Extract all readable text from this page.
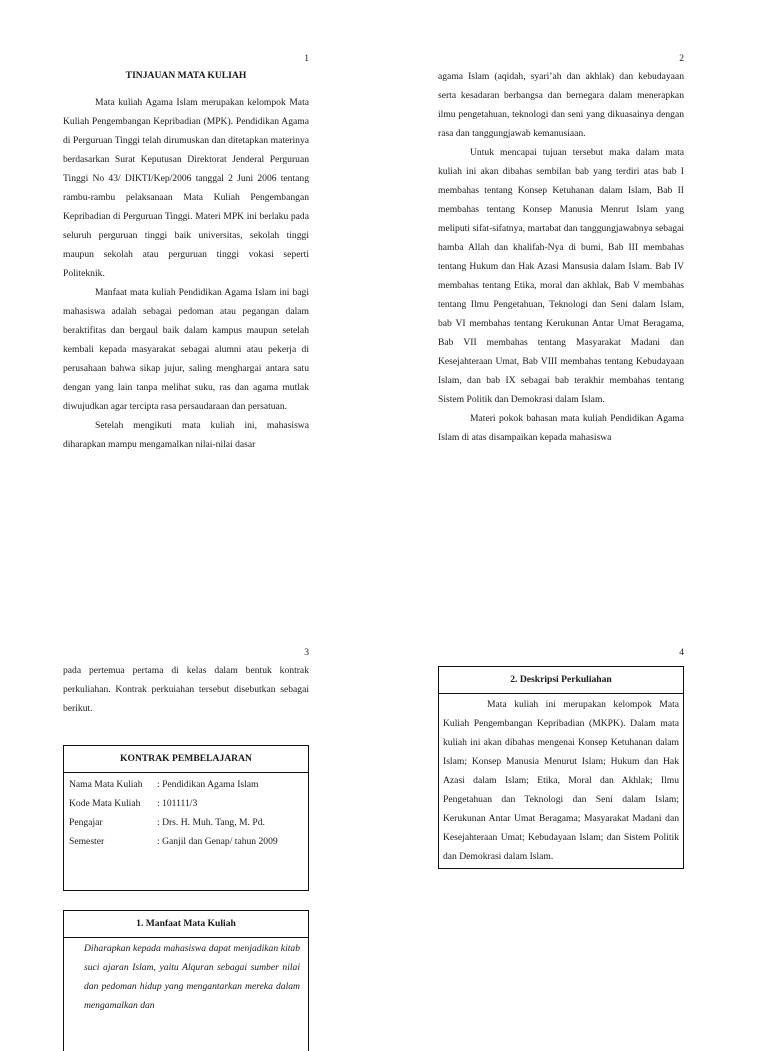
1
TINJAUAN MATA KULIAH

Mata kuliah Agama Islam merupakan kelompok Mata Kuliah Pengembangan Kepribadian (MPK). Pendidikan Agama di Perguruan Tinggi telah dirumuskan dan ditetapkan materinya berdasarkan Surat Keputusan Direktorat Jenderal Perguruan Tinggi No 43/ DIKTI/Kep/2006 tanggal 2 Juni 2006 tentang rambu-rambu pelaksanaan Mata Kuliah Pengembangan Kepribadian di Perguruan Tinggi. Materi MPK ini berlaku pada seluruh perguruan tinggi baik universitas, sekolah tinggi maupun sekolah atau perguruan tinggi vokasi seperti Politeknik.

Manfaat mata kuliah Pendidikan Agama Islam ini bagi mahasiswa adalah sebagai pedoman atau pegangan dalam beraktifitas dan bergaul baik dalam kampus maupun setelah kembali kepada masyarakat sebagai alumni atau pekerja di perusahaan bahwa sikap jujur, saling menghargai antara satu dengan yang lain tanpa melihat suku, ras dan agama mutlak diwujudkan agar tercipta rasa persaudaraan dan persatuan.

Setelah mengikuti mata kuliah ini, mahasiswa diharapkan mampu mengamalkan nilai-nilai dasar

2

agama Islam (aqidah, syari’ah dan akhlak) dan kebudayaan serta kesadaran berbangsa dan bernegara dalam menerapkan ilmu pengetahuan, teknologi dan seni yang dikuasainya dengan rasa dan tanggungjawab kemanusiaan.

Untuk mencapai tujuan tersebut maka dalam mata kuliah ini akan dibahas sembilan bab yang terdiri atas bab I membahas tentang Konsep Ketuhanan dalam Islam, Bab II membahas tentang Konsep Manusia Menrut Islam yang meliputi sifat-sifatnya, martabat dan tanggungjawabnya sebagai hamba Allah dan khalifah-Nya di bumi, Bab III membahas tentang Hukum dan Hak Azasi Mansusia dalam Islam. Bab IV membahas tentang Etika, moral dan akhlak, Bab V membahas tentang Ilmu Pengetahuan, Teknologi dan Seni dalam Islam, bab VI membahas tentang Kerukunan Antar Umat Beragama, Bab VII membahas tentang Masyarakat Madani dan Kesejahteraan Umat, Bab VIII membahas tentang Kebudayaan Islam, dan bab IX sebagai bab terakhir membahas tentang Sistem Politik dan Demokrasi dalam Islam.

Materi pokok bahasan mata kuliah Pendidikan Agama Islam di atas disampaikan kepada mahasiswa

3

pada pertemua pertama di kelas dalam bentuk kontrak perkuliahan. Kontrak perkuiahan tersebut disebutkan sebagai berikut.

KONTRAK PEMBELAJARAN
Nama Mata Kuliah	: Pendidikan Agama Islam
Kode Mata Kuliah	: 101111/3
Pengajar	: Drs. H. Muh. Tang, M. Pd.
Semester	: Ganjil dan Genap/ tahun 2009
1. Manfaat Mata Kuliah
Diharapkan kepada mahasiswa dapat menjadikan kitab suci ajaran Islam, yaitu Alquran sebagai sumber nilai dan pedoman hidup yang mengantarkan mereka dalam mengamalkan dan
4
2. Deskripsi Perkuliahan
Mata kuliah ini merupakan kelompok Mata Kuliah Pengembangan Kepribadian (MKPK). Dalam mata kuliah ini akan dibahas mengenai Konsep Ketuhanan dalam Islam; Konsep Manusia Menurut Islam; Hukum dan Hak Azasi dalam Islam; Etika, Moral dan Akhlak; Ilmu Pengetahuan dan Teknologi dan Seni dalam Islam; Kerukunan Antar Umat Beragama; Masyarakat Madani dan Kesejahteraan Umat; Kebudayaan Islam; dan Sistem Politik dan Demokrasi dalam Islam.
